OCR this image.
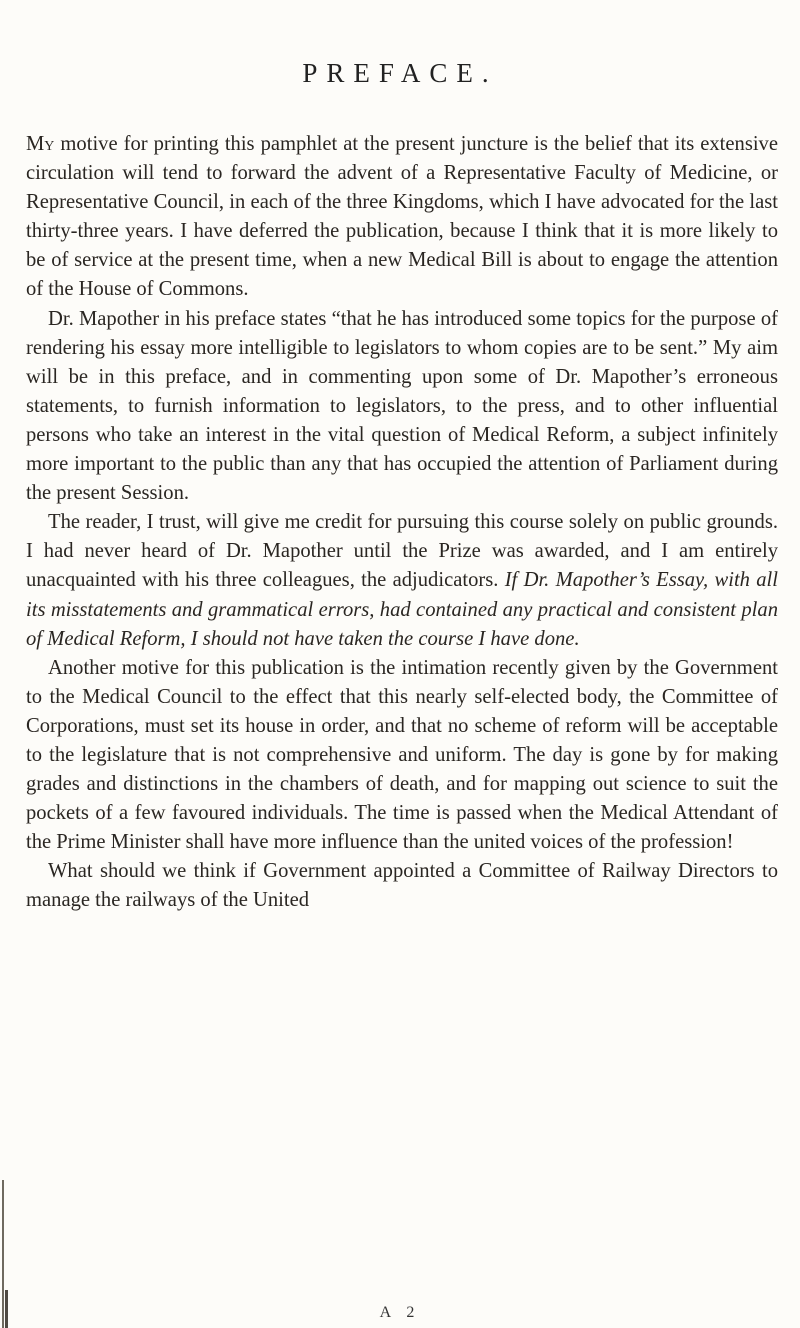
PREFACE.

My motive for printing this pamphlet at the present juncture is the belief that its extensive circulation will tend to forward the advent of a Representative Faculty of Medicine, or Representative Council, in each of the three Kingdoms, which I have advocated for the last thirty-three years. I have deferred the publication, because I think that it is more likely to be of service at the present time, when a new Medical Bill is about to engage the attention of the House of Commons.

Dr. Mapother in his preface states “that he has introduced some topics for the purpose of rendering his essay more intelligible to legislators to whom copies are to be sent.” My aim will be in this preface, and in commenting upon some of Dr. Mapother’s erroneous statements, to furnish information to legislators, to the press, and to other influential persons who take an interest in the vital question of Medical Reform, a subject infinitely more important to the public than any that has occupied the attention of Parliament during the present Session.

The reader, I trust, will give me credit for pursuing this course solely on public grounds. I had never heard of Dr. Mapother until the Prize was awarded, and I am entirely unacquainted with his three colleagues, the adjudicators. If Dr. Mapother’s Essay, with all its misstatements and grammatical errors, had contained any practical and consistent plan of Medical Reform, I should not have taken the course I have done.

Another motive for this publication is the intimation recently given by the Government to the Medical Council to the effect that this nearly self-elected body, the Committee of Corporations, must set its house in order, and that no scheme of reform will be acceptable to the legislature that is not comprehensive and uniform. The day is gone by for making grades and distinctions in the chambers of death, and for mapping out science to suit the pockets of a few favoured individuals. The time is passed when the Medical Attendant of the Prime Minister shall have more influence than the united voices of the profession!

What should we think if Government appointed a Committee of Railway Directors to manage the railways of the United

A 2
